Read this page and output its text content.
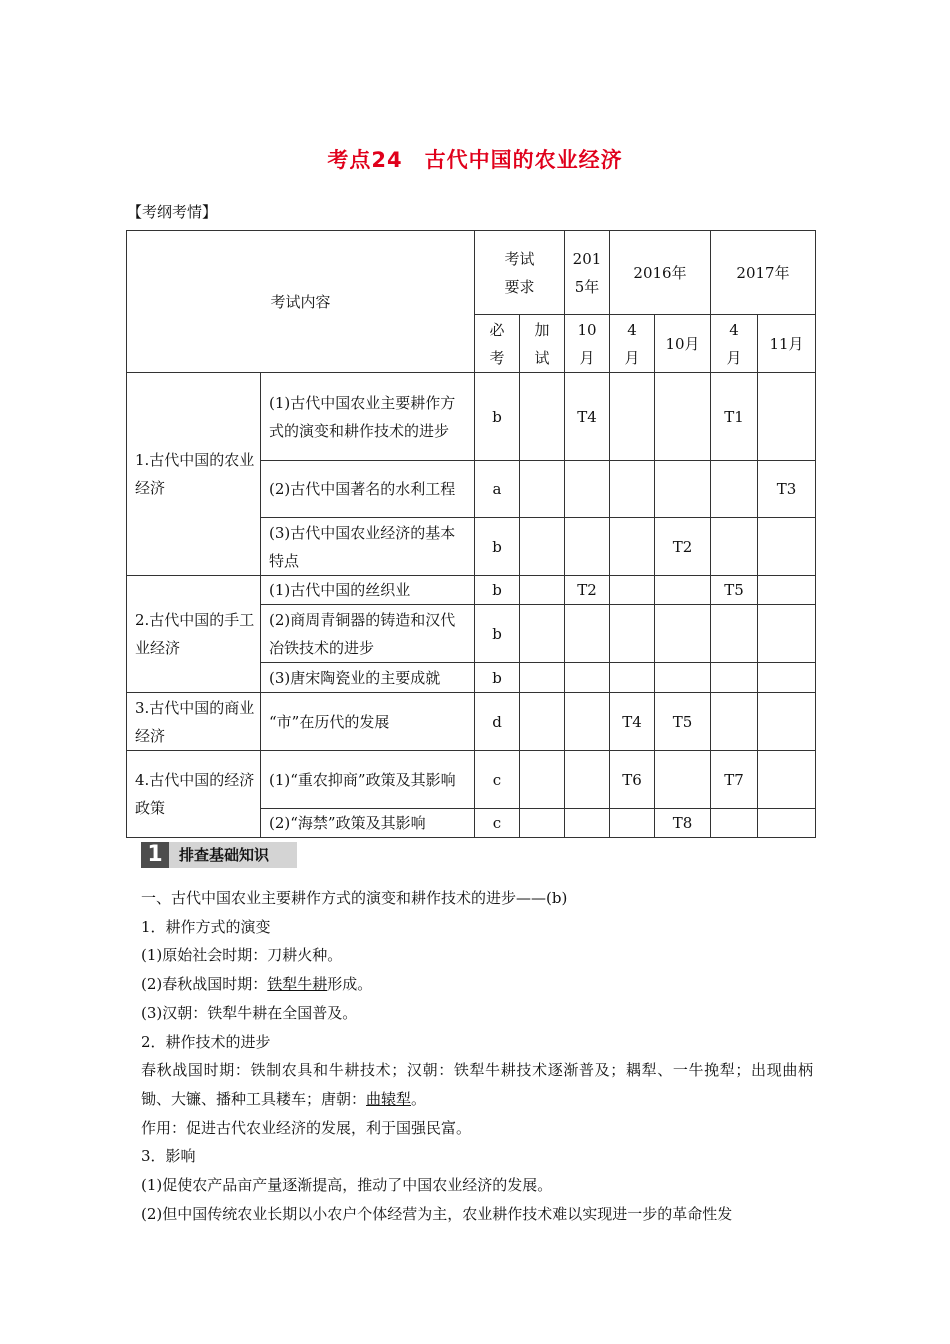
考点24　古代中国的农业经济
【考纲考情】
考试内容		考试要求		2015年	2016年		2017年	
		必考	加试	10月	4月	10月	4月	11月
1.古代中国的农业经济	(1)古代中国农业主要耕作方式的演变和耕作技术的进步	b		T4			T1	
	(2)古代中国著名的水利工程	a						T3
	(3)古代中国农业经济的基本特点	b				T2		
2.古代中国的手工业经济	(1)古代中国的丝织业	b		T2			T5	
	(2)商周青铜器的铸造和汉代冶铁技术的进步	b						
	(3)唐宋陶瓷业的主要成就	b						
3.古代中国的商业经济	“市”在历代的发展	d			T4	T5		
4.古代中国的经济政策	(1)“重农抑商”政策及其影响	c			T6		T7	
	(2)“海禁”政策及其影响	c				T8		
1	排查基础知识

一、古代中国农业主要耕作方式的演变和耕作技术的进步——(b)

1．耕作方式的演变

(1)原始社会时期：刀耕火种。

(2)春秋战国时期：铁犁牛耕形成。

(3)汉朝：铁犁牛耕在全国普及。

2．耕作技术的进步

春秋战国时期：铁制农具和牛耕技术；汉朝：铁犁牛耕技术逐渐普及；耦犁、一牛挽犁；出现曲柄锄、大镰、播种工具耧车；唐朝：曲辕犁。

作用：促进古代农业经济的发展，利于国强民富。

3．影响

(1)促使农产品亩产量逐渐提高，推动了中国农业经济的发展。

(2)但中国传统农业长期以小农户个体经营为主，农业耕作技术难以实现进一步的革命性发
